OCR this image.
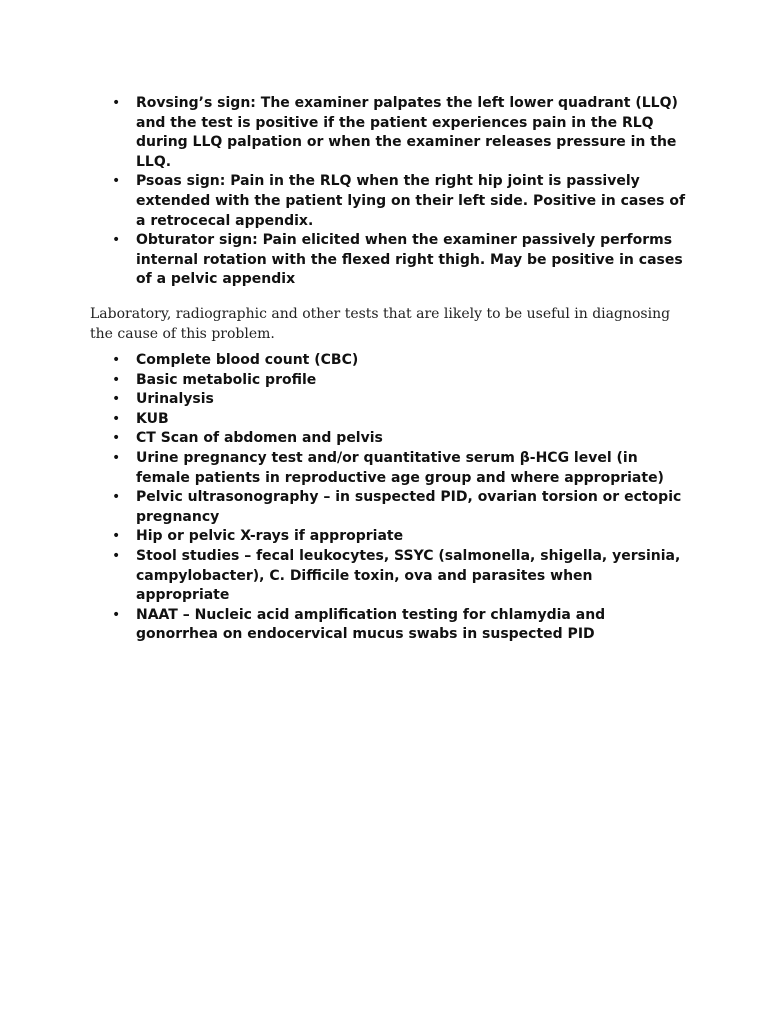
• Rovsing’s sign: The examiner palpates the left lower quadrant (LLQ) and the test is positive if the patient experiences pain in the RLQ during LLQ palpation or when the examiner releases pressure in the LLQ.
• Psoas sign: Pain in the RLQ when the right hip joint is passively extended with the patient lying on their left side. Positive in cases of a retrocecal appendix.
• Obturator sign: Pain elicited when the examiner passively performs internal rotation with the flexed right thigh. May be positive in cases of a pelvic appendix

Laboratory, radiographic and other tests that are likely to be useful in diagnosing the cause of this problem.

• Complete blood count (CBC)
• Basic metabolic profile
• Urinalysis
• KUB
• CT Scan of abdomen and pelvis
• Urine pregnancy test and/or quantitative serum β-HCG level (in female patients in reproductive age group and where appropriate)
• Pelvic ultrasonography – in suspected PID, ovarian torsion or ectopic pregnancy
• Hip or pelvic X-rays if appropriate
• Stool studies – fecal leukocytes, SSYC (salmonella, shigella, yersinia, campylobacter), C. Difficile toxin, ova and parasites when appropriate
• NAAT – Nucleic acid amplification testing for chlamydia and gonorrhea on endocervical mucus swabs in suspected PID
